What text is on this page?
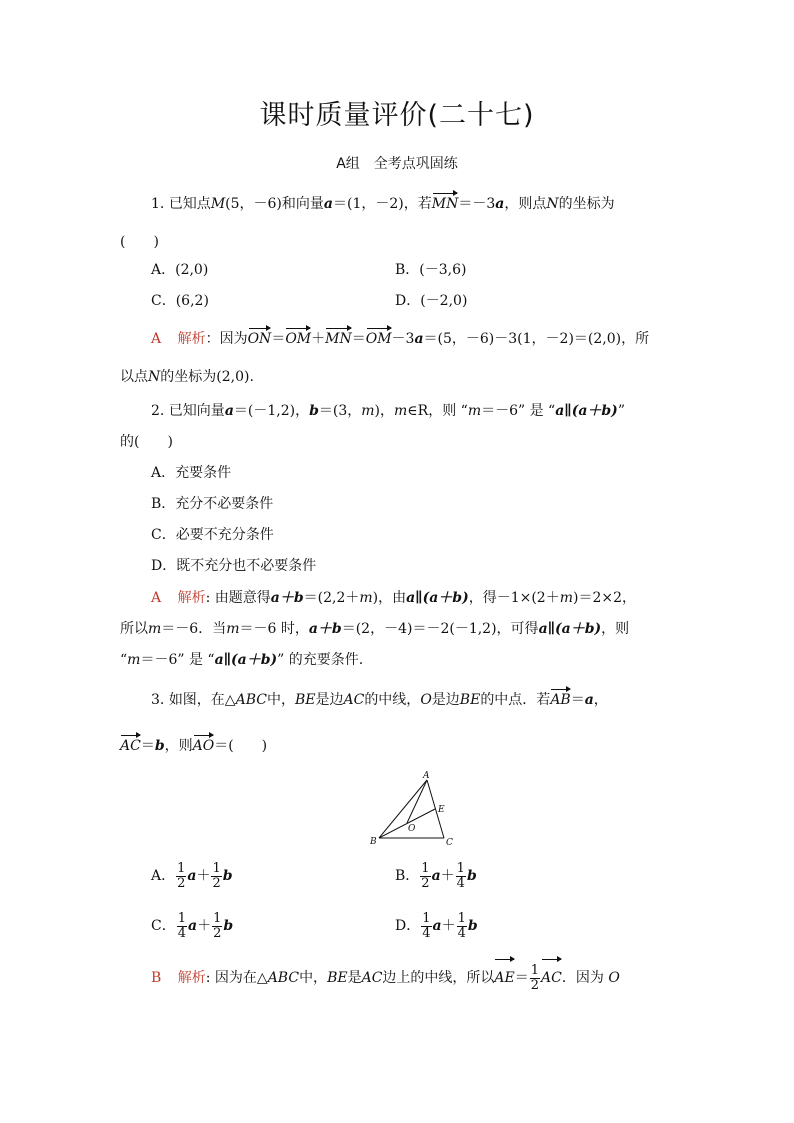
课时质量评价(二十七)
A组　全考点巩固练
1. 已知点M(5，－6)和向量a＝(1，－2)，若MN＝－3a，则点N的坐标为
(　　)
A．(2,0)	B．(－3,6)
C．(6,2)	D．(－2,0)
A 解析：因为ON＝OM＋MN＝OM－3a＝(5，－6)－3(1，－2)＝(2,0)，所
以点N的坐标为(2,0).
2. 已知向量a＝(－1,2)，b＝(3，m)，m∈R，则 “m＝－6” 是 “a∥(a＋b)”
的(　　)
A．充要条件
B．充分不必要条件
C．必要不充分条件
D．既不充分也不必要条件
A 解析: 由题意得a＋b＝(2,2＋m)，由a∥(a＋b)，得－1×(2＋m)＝2×2，
所以m＝－6．当m＝－6 时，a＋b＝(2，－4)＝－2(－1,2)，可得a∥(a＋b)，则
“m＝－6” 是 “a∥(a＋b)” 的充要条件.
3. 如图，在△ABC中，BE是边AC的中线，O是边BE的中点．若AB＝a，
AC＝b，则AO＝(　　)
A
B	C
E
O
A． $\frac{1}{2} a+ \frac{1}{2}$ b	B． $\frac{1}{2} a+ \frac{1}{4}$ b
C． $\frac{1}{4} a+ \frac{1}{2}$ b	D． $\frac{1}{4} a+ \frac{1}{4}$ b
B 解析: 因为在△ABC中，BE是AC边上的中线，所以$AE= \frac{1}{2}$ AC．因为 O
